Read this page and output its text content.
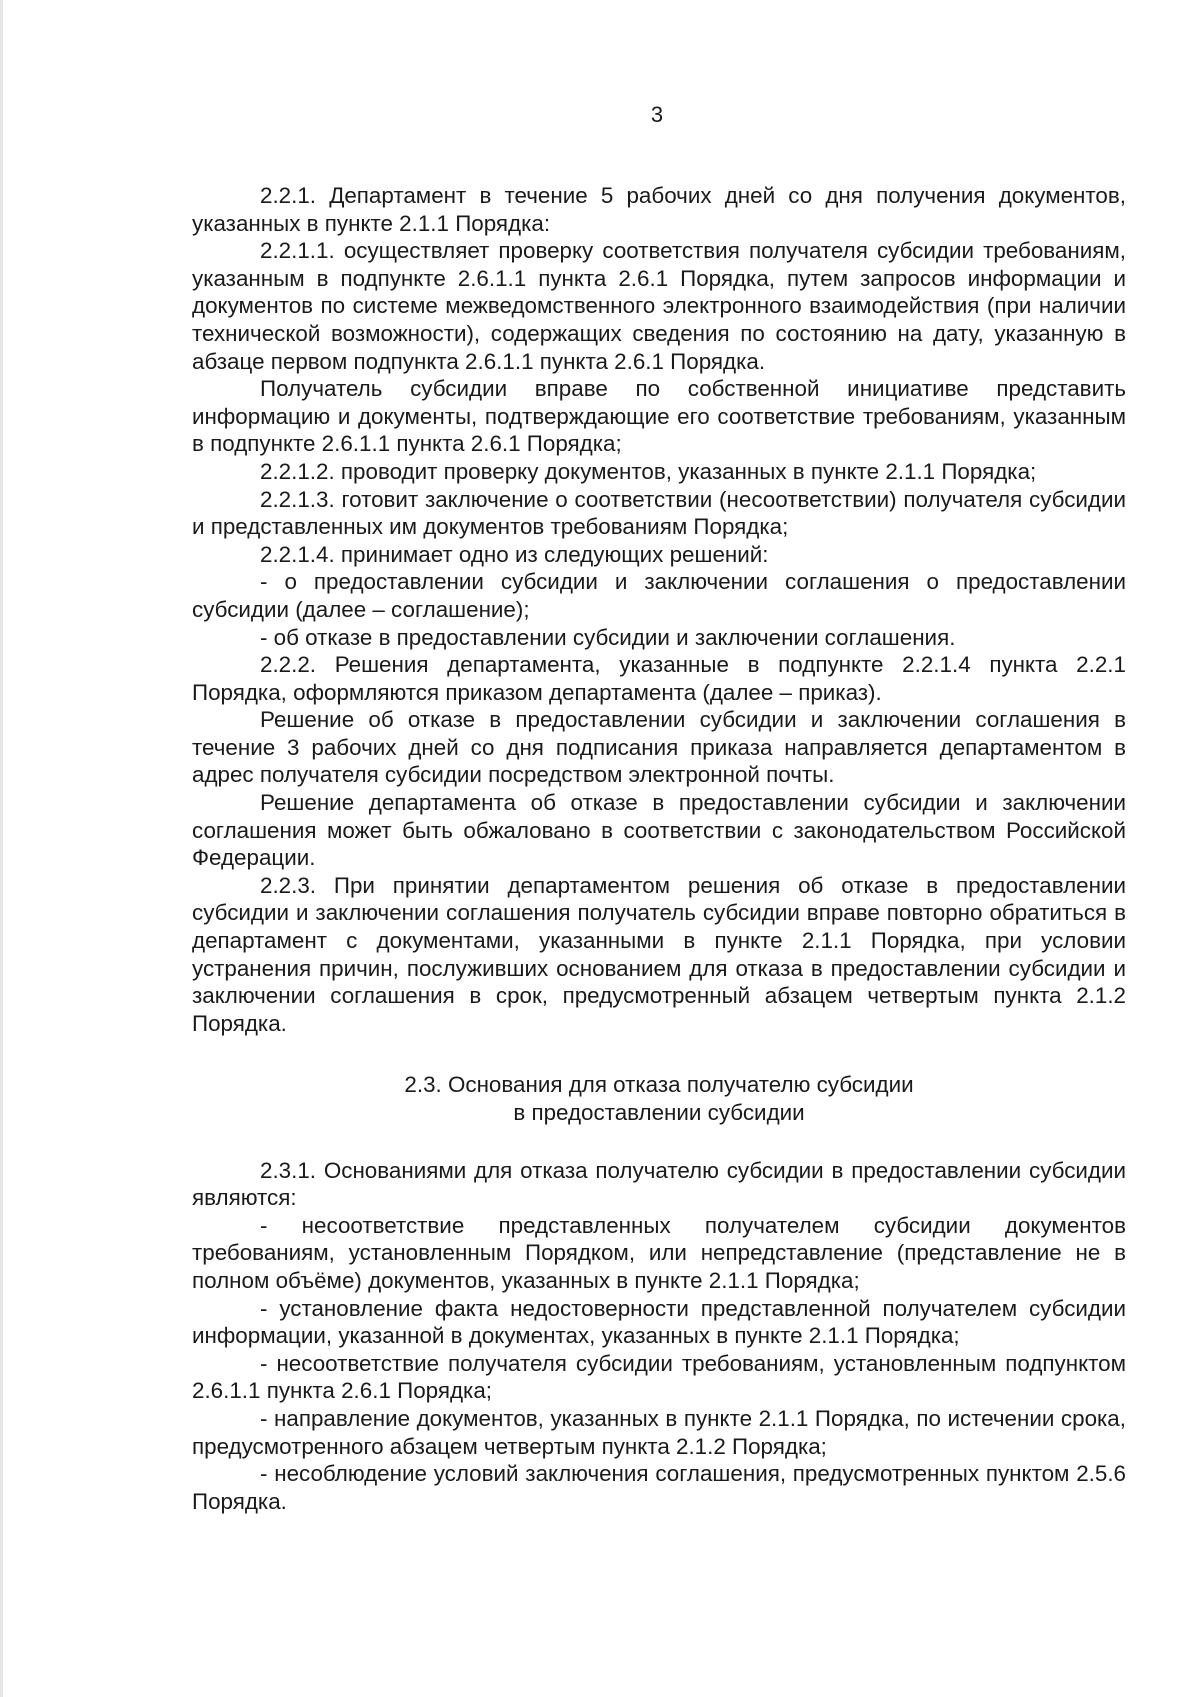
3

2.2.1. Департамент в течение 5 рабочих дней со дня получения документов, указанных в пункте 2.1.1 Порядка:

2.2.1.1. осуществляет проверку соответствия получателя субсидии требованиям, указанным в подпункте 2.6.1.1 пункта 2.6.1 Порядка, путем запросов информации и документов по системе межведомственного электронного взаимодействия (при наличии технической возможности), содержащих сведения по состоянию на дату, указанную в абзаце первом подпункта 2.6.1.1 пункта 2.6.1 Порядка.

Получатель субсидии вправе по собственной инициативе представить информацию и документы, подтверждающие его соответствие требованиям, указанным в подпункте 2.6.1.1 пункта 2.6.1 Порядка;

2.2.1.2. проводит проверку документов, указанных в пункте 2.1.1 Порядка;

2.2.1.3. готовит заключение о соответствии (несоответствии) получателя субсидии и представленных им документов требованиям Порядка;

2.2.1.4. принимает одно из следующих решений:

- о предоставлении субсидии и заключении соглашения о предоставлении субсидии (далее – соглашение);

- об отказе в предоставлении субсидии и заключении соглашения.

2.2.2. Решения департамента, указанные в подпункте 2.2.1.4 пункта 2.2.1 Порядка, оформляются приказом департамента (далее – приказ).

Решение об отказе в предоставлении субсидии и заключении соглашения в течение 3 рабочих дней со дня подписания приказа направляется департаментом в адрес получателя субсидии посредством электронной почты.

Решение департамента об отказе в предоставлении субсидии и заключении соглашения может быть обжаловано в соответствии с законодательством Российской Федерации.

2.2.3. При принятии департаментом решения об отказе в предоставлении субсидии и заключении соглашения получатель субсидии вправе повторно обратиться в департамент с документами, указанными в пункте 2.1.1 Порядка, при условии устранения причин, послуживших основанием для отказа в предоставлении субсидии и заключении соглашения в срок, предусмотренный абзацем четвертым пункта 2.1.2 Порядка.

2.3. Основания для отказа получателю субсидии
в предоставлении субсидии

2.3.1. Основаниями для отказа получателю субсидии в предоставлении субсидии являются:

- несоответствие представленных получателем субсидии документов требованиям, установленным Порядком, или непредставление (представление не в полном объёме) документов, указанных в пункте 2.1.1 Порядка;

- установление факта недостоверности представленной получателем субсидии информации, указанной в документах, указанных в пункте 2.1.1 Порядка;

- несоответствие получателя субсидии требованиям, установленным подпунктом 2.6.1.1 пункта 2.6.1 Порядка;

- направление документов, указанных в пункте 2.1.1 Порядка, по истечении срока, предусмотренного абзацем четвертым пункта 2.1.2 Порядка;

- несоблюдение условий заключения соглашения, предусмотренных пунктом 2.5.6 Порядка.
